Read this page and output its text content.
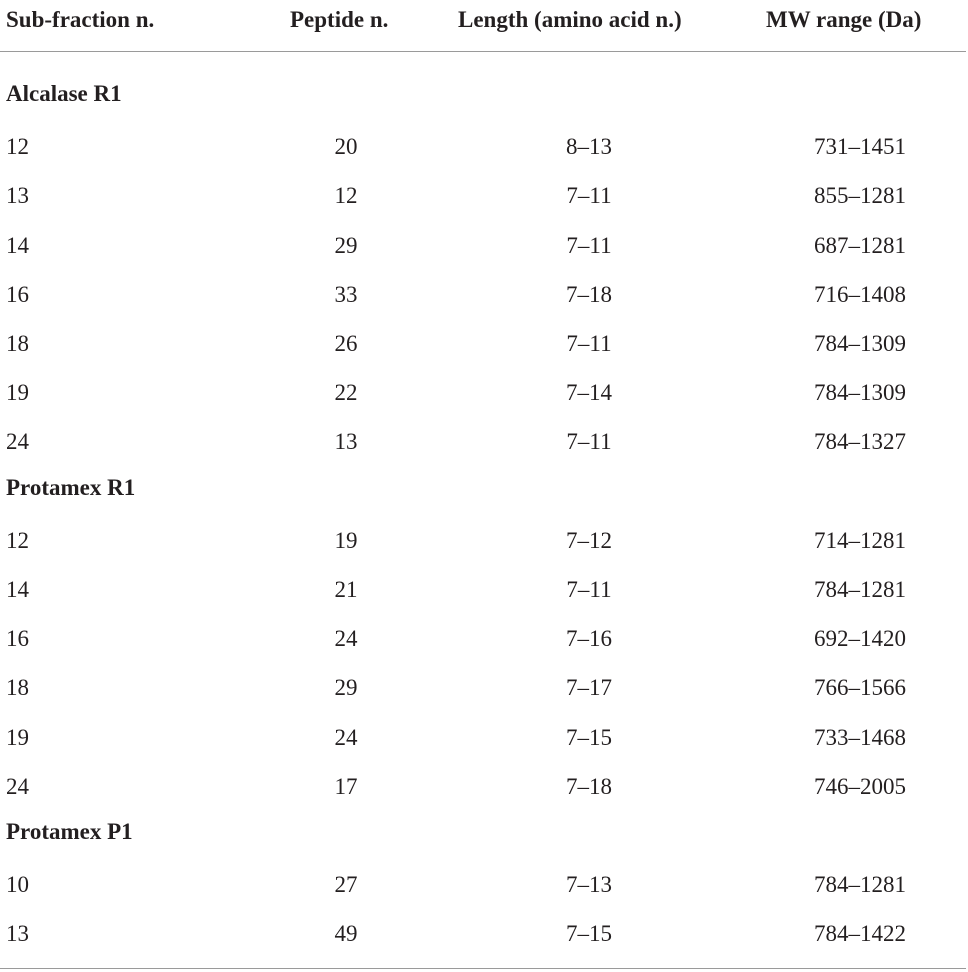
Sub-fraction n.	Peptide n.	Length (amino acid n.)	MW range (Da)
Alcalase R1
12	20	8–13	731–1451
13	12	7–11	855–1281
14	29	7–11	687–1281
16	33	7–18	716–1408
18	26	7–11	784–1309
19	22	7–14	784–1309
24	13	7–11	784–1327
Protamex R1
12	19	7–12	714–1281
14	21	7–11	784–1281
16	24	7–16	692–1420
18	29	7–17	766–1566
19	24	7–15	733–1468
24	17	7–18	746–2005
Protamex P1
10	27	7–13	784–1281
13	49	7–15	784–1422
